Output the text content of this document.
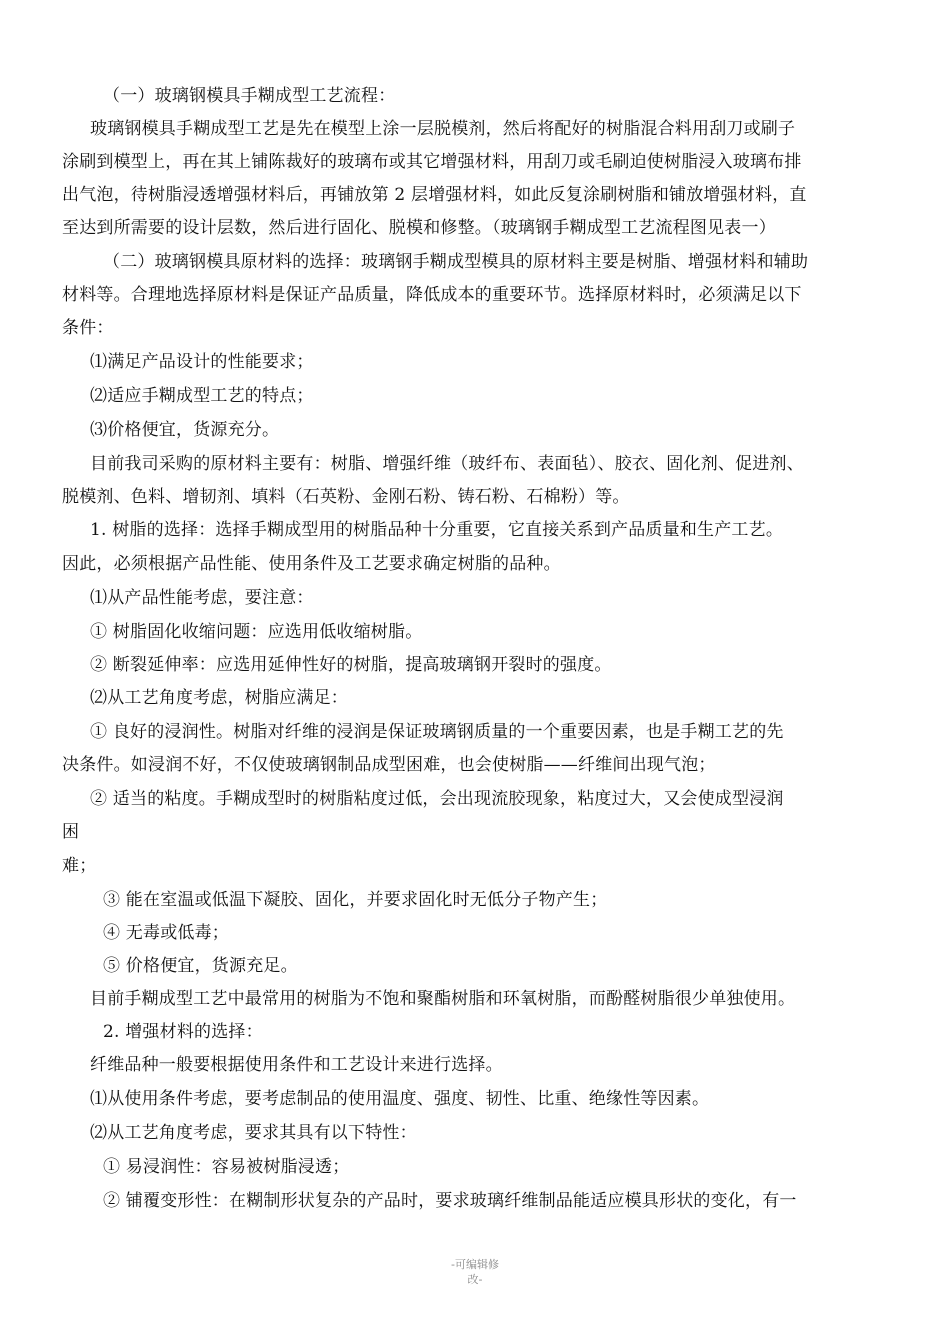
（一）玻璃钢模具手糊成型工艺流程：
玻璃钢模具手糊成型工艺是先在模型上涂一层脱模剂，然后将配好的树脂混合料用刮刀或刷子
涂刷到模型上，再在其上铺陈裁好的玻璃布或其它增强材料，用刮刀或毛刷迫使树脂浸入玻璃布排
出气泡，待树脂浸透增强材料后，再铺放第 2 层增强材料，如此反复涂刷树脂和铺放增强材料，直
至达到所需要的设计层数，然后进行固化、脱模和修整。（玻璃钢手糊成型工艺流程图见表一）
（二）玻璃钢模具原材料的选择：玻璃钢手糊成型模具的原材料主要是树脂、增强材料和辅助
材料等。合理地选择原材料是保证产品质量，降低成本的重要环节。选择原材料时，必须满足以下
条件：
⑴满足产品设计的性能要求；
⑵适应手糊成型工艺的特点；
⑶价格便宜，货源充分。
目前我司采购的原材料主要有：树脂、增强纤维（玻纤布、表面毡）、胶衣、固化剂、促进剂、
脱模剂、色料、增韧剂、填料（石英粉、金刚石粉、铸石粉、石棉粉）等。
1. 树脂的选择：选择手糊成型用的树脂品种十分重要，它直接关系到产品质量和生产工艺。
因此，必须根据产品性能、使用条件及工艺要求确定树脂的品种。
⑴从产品性能考虑，要注意：
① 树脂固化收缩问题：应选用低收缩树脂。
② 断裂延伸率：应选用延伸性好的树脂，提高玻璃钢开裂时的强度。
⑵从工艺角度考虑，树脂应满足：
① 良好的浸润性。树脂对纤维的浸润是保证玻璃钢质量的一个重要因素，也是手糊工艺的先
决条件。如浸润不好，不仅使玻璃钢制品成型困难，也会使树脂——纤维间出现气泡；
② 适当的粘度。手糊成型时的树脂粘度过低，会出现流胶现象，粘度过大，又会使成型浸润
困
难；
③ 能在室温或低温下凝胶、固化，并要求固化时无低分子物产生；
④ 无毒或低毒；
⑤ 价格便宜，货源充足。
目前手糊成型工艺中最常用的树脂为不饱和聚酯树脂和环氧树脂，而酚醛树脂很少单独使用。
2. 增强材料的选择：
纤维品种一般要根据使用条件和工艺设计来进行选择。
⑴从使用条件考虑，要考虑制品的使用温度、强度、韧性、比重、绝缘性等因素。
⑵从工艺角度考虑，要求其具有以下特性：
① 易浸润性：容易被树脂浸透；
② 铺覆变形性：在糊制形状复杂的产品时，要求玻璃纤维制品能适应模具形状的变化，有一
-可编辑修
改-
